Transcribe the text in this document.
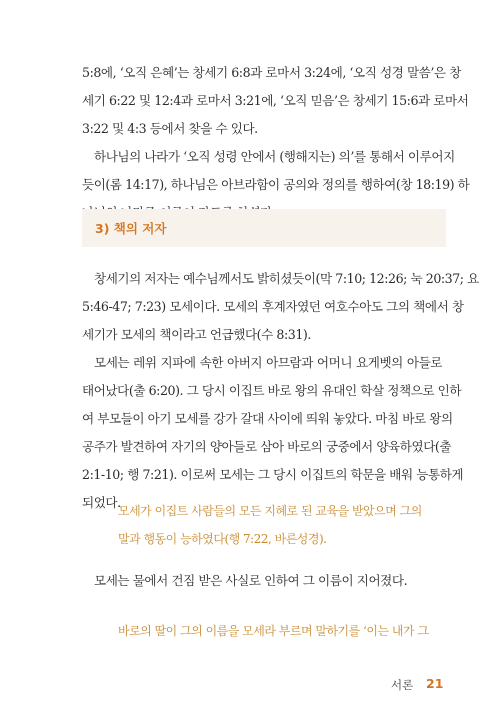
5:8에, ‘오직 은혜’는 창세기 6:8과 로마서 3:24에, ‘오직 성경 말씀’은 창
세기 6:22 및 12:4과 로마서 3:21에, ‘오직 믿음’은 창세기 15:6과 로마서
3:22 및 4:3 등에서 찾을 수 있다.

하나님의 나라가 ‘오직 성령 안에서 (행해지는) 의’를 통해서 이루어지
듯이(롬 14:17), 하나님은 아브라함이 공의와 정의를 행하여(창 18:19) 하

3) 책의 저자

창세기의 저자는 예수님께서도 밝히셨듯이(막 7:10; 12:26; 눅 20:37; 요
5:46-47; 7:23) 모세이다. 모세의 후계자였던 여호수아도 그의 책에서 창
세기가 모세의 책이라고 언급했다(수 8:31).

모세는 레위 지파에 속한 아버지 아므람과 어머니 요게벳의 아들로
태어났다(출 6:20). 그 당시 이집트 바로 왕의 유대인 학살 정책으로 인하
여 부모들이 아기 모세를 강가 갈대 사이에 띄워 놓았다. 마침 바로 왕의
공주가 발견하여 자기의 양아들로 삼아 바로의 궁중에서 양육하였다(출
2:1-10; 행 7:21). 이로써 모세는 그 당시 이집트의 학문을 배워 능통하게
되었다.

모세가 이집트 사람들의 모든 지혜로 된 교육을 받았으며 그의
말과 행동이 능하였다(행 7:22, 바른성경).

모세는 물에서 건짐 받은 사실로 인하여 그 이름이 지어졌다.

바로의 딸이 그의 이름을 모세라 부르며 말하기를 ‘이는 내가 그

서론 21
